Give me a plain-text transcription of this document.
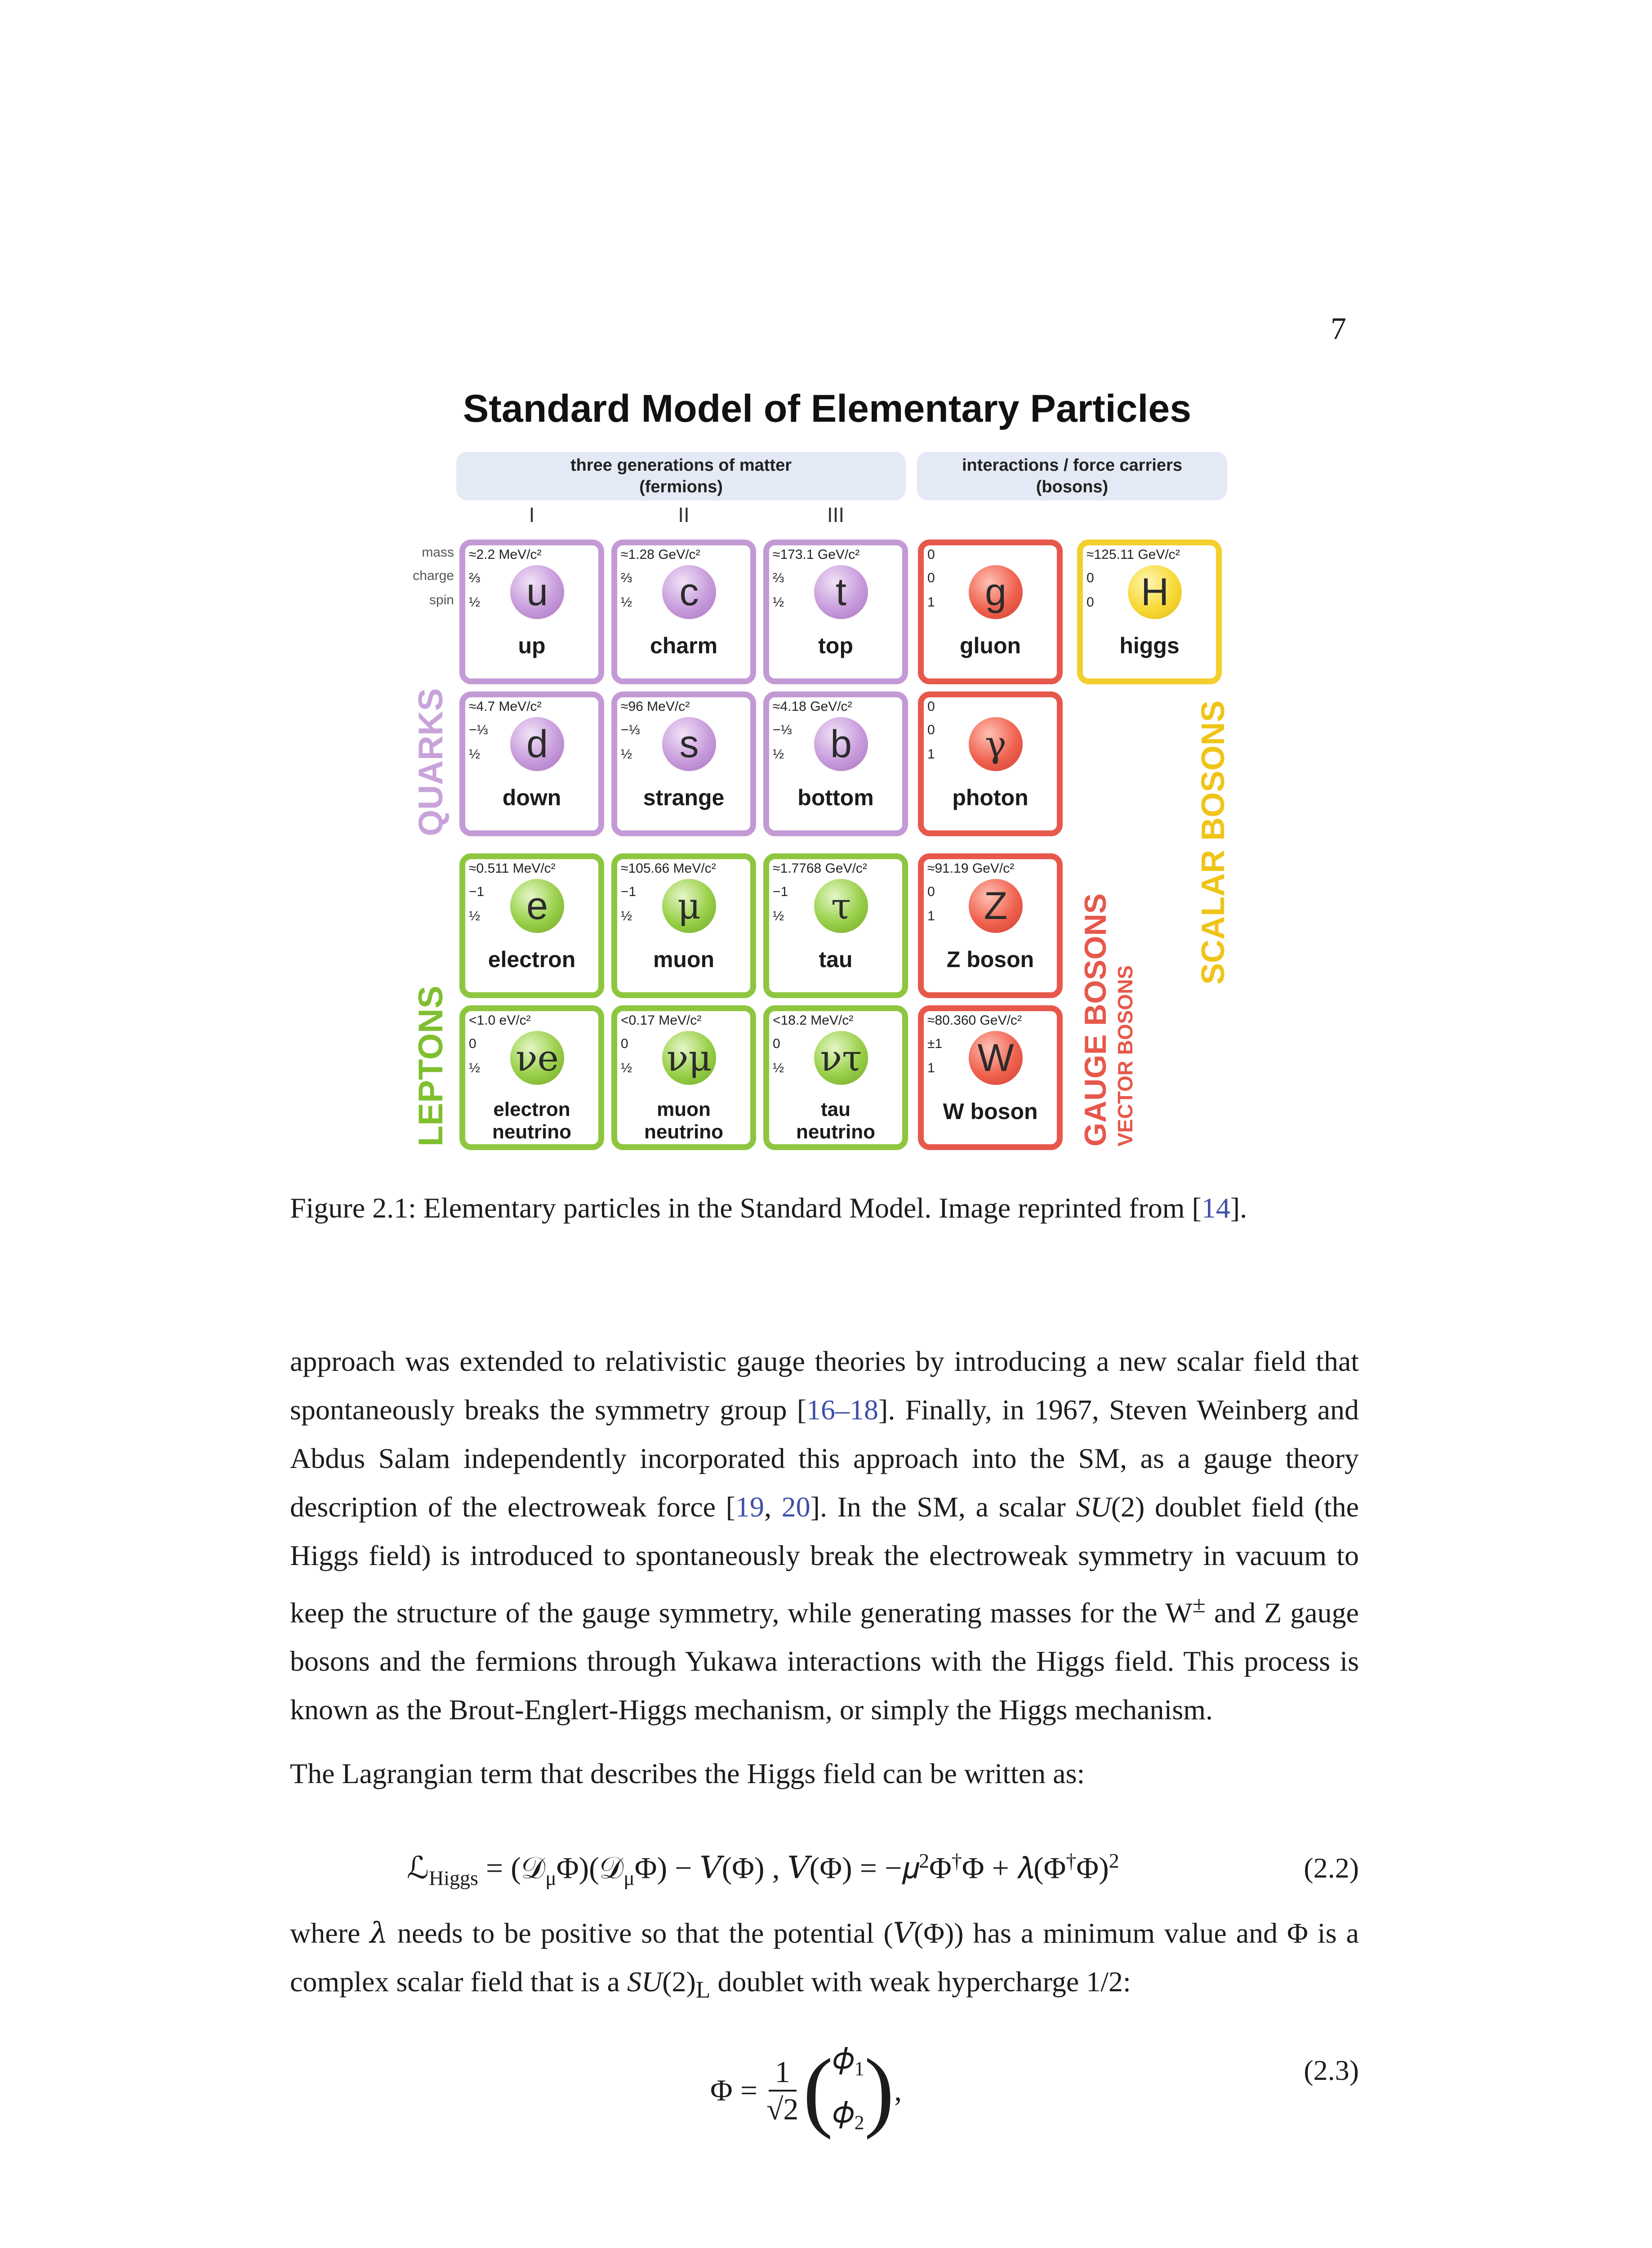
7
Standard Model of Elementary Particles
three generations of matter
(fermions)
interactions / force carriers
(bosons)
I	II	III
mass
charge
spin
≈2.2 MeV/c²
⅔
½	u
up
≈1.28 GeV/c²
⅔
½	c
charm
≈173.1 GeV/c²
⅔
½	t
top
0
0
1	g
gluon
≈125.11 GeV/c²
0
0	H
higgs
≈4.7 MeV/c²
−⅓
½	d
down
≈96 MeV/c²
−⅓
½	s
strange
≈4.18 GeV/c²
−⅓
½	b
bottom
0
0
1	γ
photon
≈0.511 MeV/c²
−1
½	e
electron
≈105.66 MeV/c²
−1
½	μ
muon
≈1.7768 GeV/c²
−1
½	τ
tau
≈91.19 GeV/c²
0
1	Z
Z boson
<1.0 eV/c²
0
½ νe
electron
neutrino
<0.17 MeV/c²
0
½ νμ
muon
neutrino
<18.2 MeV/c²
0
½ ντ
tau
neutrino
≈80.360 GeV/c²
±1
1 W
W boson
QUARKS
LEPTONS	GAUGE BOSONS VECTOR BOSONS
SCALAR BOSONS
Figure 2.1: Elementary particles in the Standard Model. Image reprinted from [14].

approach was extended to relativistic gauge theories by introducing a new scalar field that spontaneously breaks the symmetry group [16–18]. Finally, in 1967, Steven Weinberg and Abdus Salam independently incorporated this approach into the SM, as a gauge theory description of the electroweak force [19, 20]. In the SM, a scalar SU(2) doublet field (the Higgs field) is introduced to spontaneously break the electroweak symmetry in vacuum to keep the structure of the gauge symmetry, while generating masses for the W± and Z gauge bosons and the fermions through Yukawa interactions with the Higgs field. This process is known as the Brout-Englert-Higgs mechanism, or simply the Higgs mechanism.

The Lagrangian term that describes the Higgs field can be written as:

ℒ$_{Higgs}$ = (𝒟$_\mu$Φ)(𝒟$_\mu$Φ) − 𝑉(Φ) , 𝑉(Φ) = −𝜇$^2$Φ†Φ + $𝜆(\Phi^\dagger\Phi)^2$	(2.2)

where 𝜆 needs to be positive so that the potential (𝑉(Φ)) has a minimum value and Φ is a complex scalar field that is a $SU(2)_L$ doublet with weak hypercharge 1/2:

$\Phi = \frac{1}{√2}$ ( 𝜙$_1$
𝜙$_2$ ) ,
(2.3)
